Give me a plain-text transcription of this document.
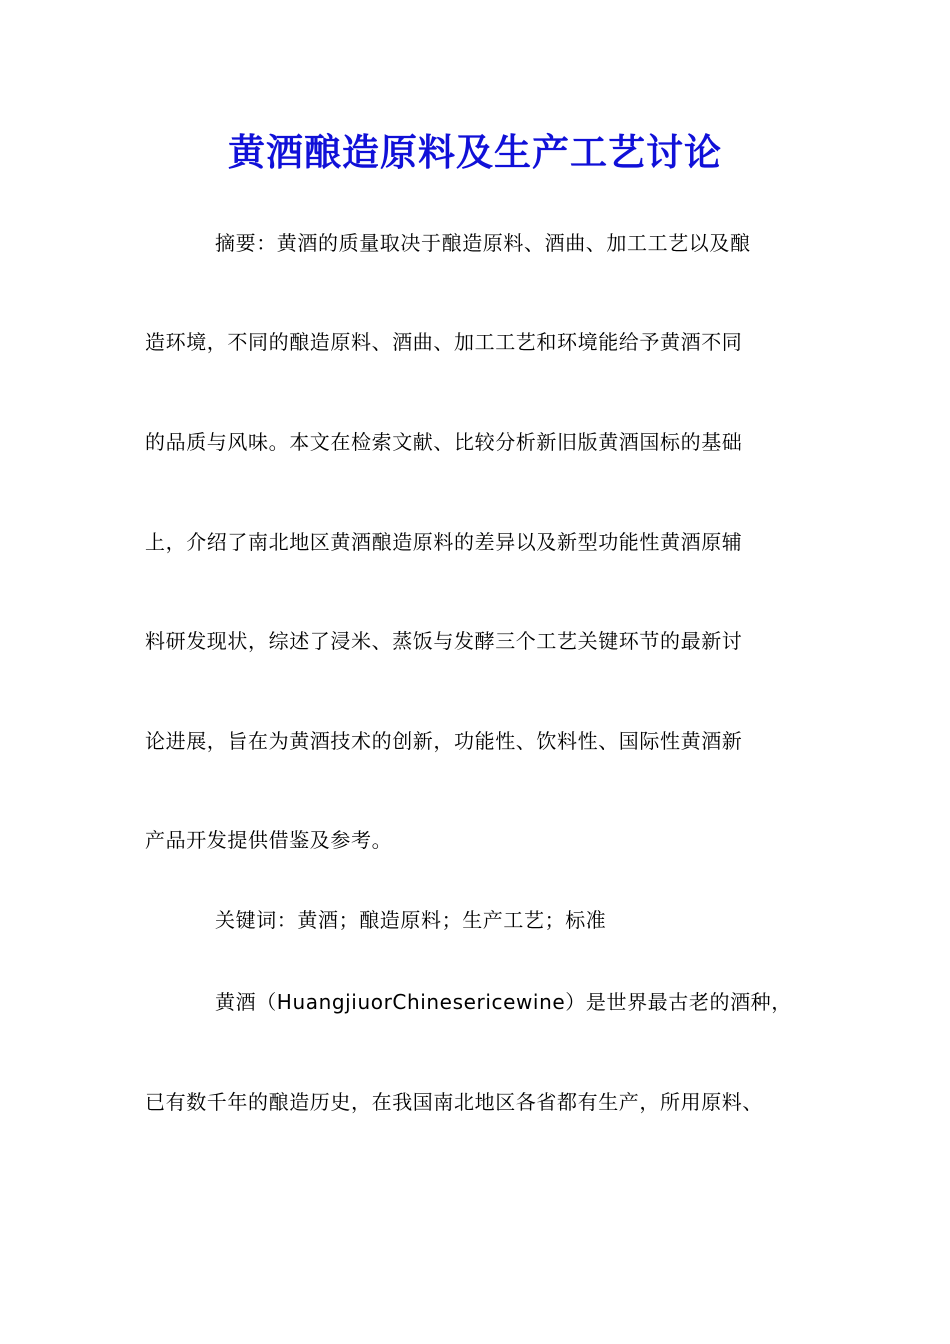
黄酒酿造原料及生产工艺讨论
摘要：黄酒的质量取决于酿造原料、酒曲、加工工艺以及酿
造环境，不同的酿造原料、酒曲、加工工艺和环境能给予黄酒不同
的品质与风味。本文在检索文献、比较分析新旧版黄酒国标的基础
上，介绍了南北地区黄酒酿造原料的差异以及新型功能性黄酒原辅
料研发现状，综述了浸米、蒸饭与发酵三个工艺关键环节的最新讨
论进展，旨在为黄酒技术的创新，功能性、饮料性、国际性黄酒新
产品开发提供借鉴及参考。
关键词：黄酒；酿造原料；生产工艺；标准
黄酒（HuangjiuorChinesericewine）是世界最古老的酒种，
已有数千年的酿造历史，在我国南北地区各省都有生产，所用原料、
